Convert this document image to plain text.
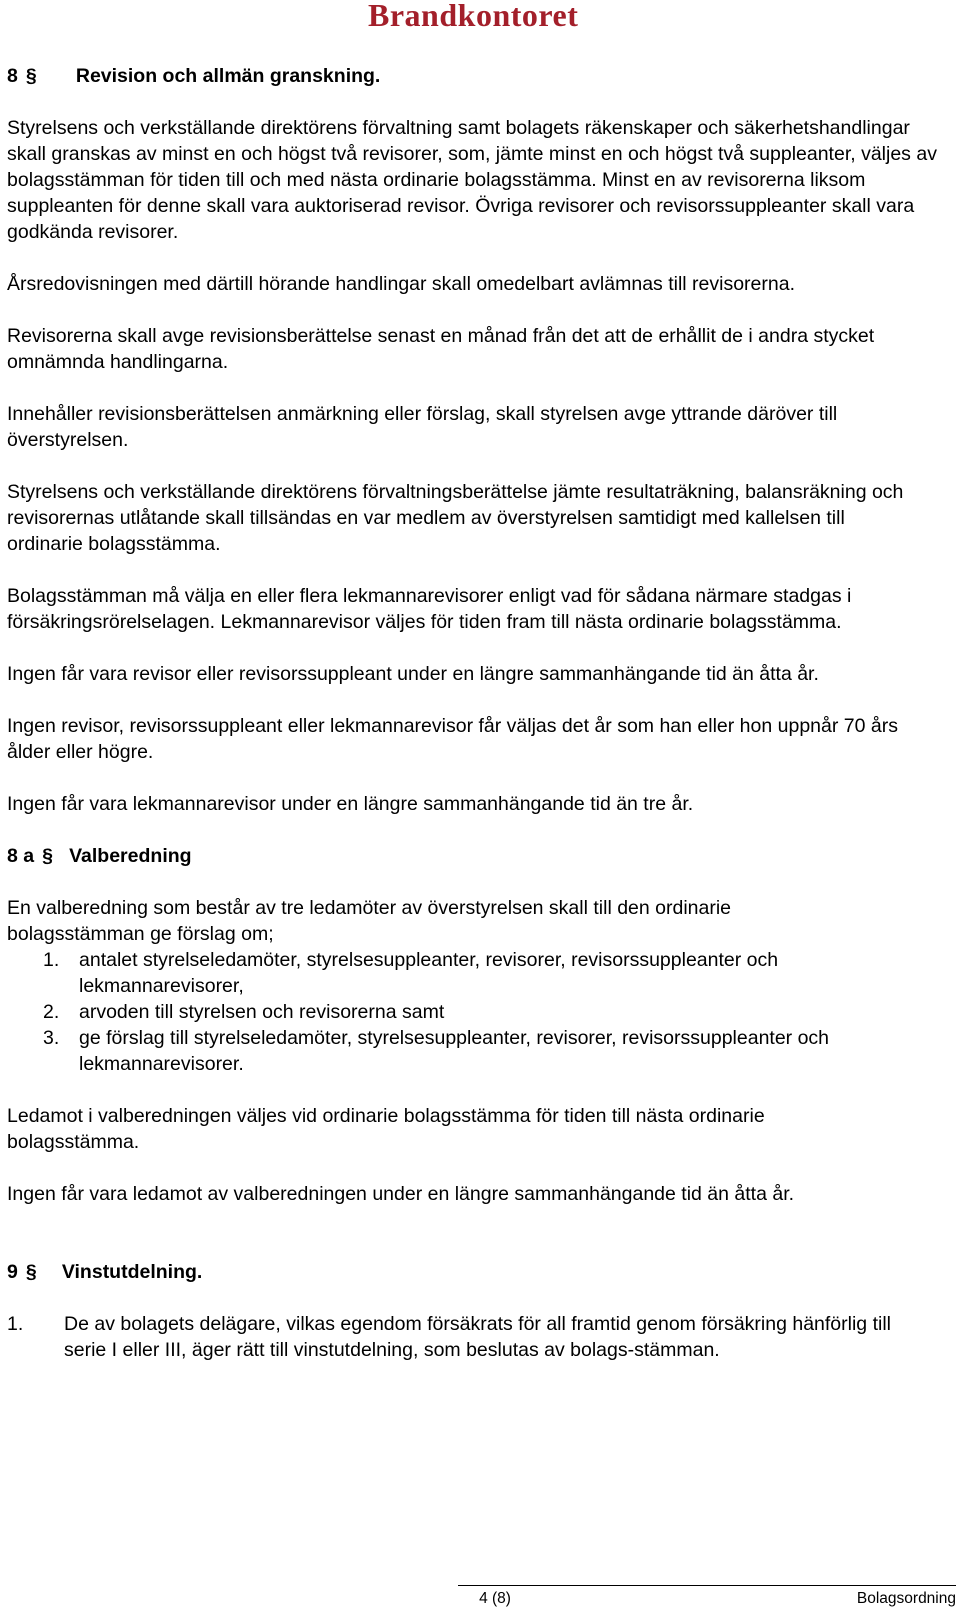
Brandkontoret
8 §	Revision och allmän granskning.

Styrelsens och verkställande direktörens förvaltning samt bolagets räkenskaper och säkerhetshandlingar skall granskas av minst en och högst två revisorer, som, jämte minst en och högst två suppleanter, väljes av bolagsstämman för tiden till och med nästa ordinarie bolagsstämma. Minst en av revisorerna liksom suppleanten för denne skall vara auktoriserad revisor. Övriga revisorer och revisorssuppleanter skall vara godkända revisorer.

Årsredovisningen med därtill hörande handlingar skall omedelbart avlämnas till revisorerna.

Revisorerna skall avge revisionsberättelse senast en månad från det att de erhållit de i andra stycket omnämnda handlingarna.

Innehåller revisionsberättelsen anmärkning eller förslag, skall styrelsen avge yttrande däröver till överstyrelsen.

Styrelsens och verkställande direktörens förvaltningsberättelse jämte resultaträkning, balansräkning och revisorernas utlåtande skall tillsändas en var medlem av överstyrelsen samtidigt med kallelsen till ordinarie bolagsstämma.

Bolagsstämman må välja en eller flera lekmannarevisorer enligt vad för sådana närmare stadgas i försäkringsrörelselagen. Lekmannarevisor väljes för tiden fram till nästa ordinarie bolagsstämma.

Ingen får vara revisor eller revisorssuppleant under en längre sammanhängande tid än åtta år.

Ingen revisor, revisorssuppleant eller lekmannarevisor får väljas det år som han eller hon uppnår 70 års ålder eller högre.

Ingen får vara lekmannarevisor under en längre sammanhängande tid än tre år.

8 a § Valberedning

En valberedning som består av tre ledamöter av överstyrelsen skall till den ordinarie bolagsstämman ge förslag om;

1.	antalet styrelseledamöter, styrelsesuppleanter, revisorer, revisorssuppleanter och lekmannarevisorer,
2.	arvoden till styrelsen och revisorerna samt
3.	ge förslag till styrelseledamöter, styrelsesuppleanter, revisorer, revisorssuppleanter och lekmannarevisorer.

Ledamot i valberedningen väljes vid ordinarie bolagsstämma för tiden till nästa ordinarie bolagsstämma.

Ingen får vara ledamot av valberedningen under en längre sammanhängande tid än åtta år.

9 §	Vinstutdelning.
1.	De av bolagets delägare, vilkas egendom försäkrats för all framtid genom försäkring hänförlig till serie I eller III, äger rätt till vinstutdelning, som beslutas av bolags-stämman.
4 (8)	Bolagsordning
